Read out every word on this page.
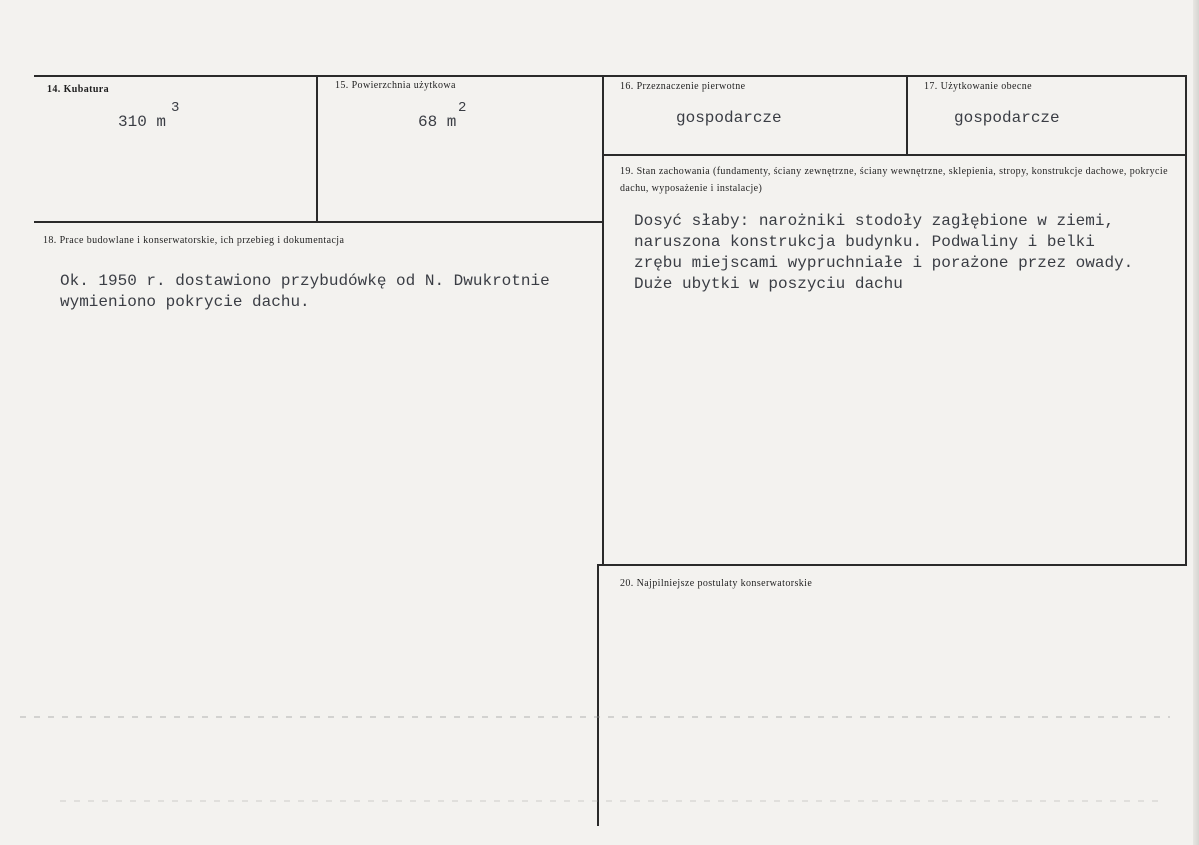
14. Kubatura
310 m
3
15. Powierzchnia użytkowa
68 m
2
16. Przeznaczenie pierwotne
gospodarcze
17. Użytkowanie obecne
gospodarcze
19. Stan zachowania (fundamenty, ściany zewnętrzne, ściany wewnętrzne, sklepienia, stropy, konstrukcje dachowe, pokrycie dachu, wyposażenie i instalacje)
Dosyć słaby: narożniki stodoły zagłębione w ziemi,
naruszona konstrukcja budynku. Podwaliny i belki
zrębu miejscami wypruchniałe i porażone przez owady.
Duże ubytki w poszyciu dachu
18. Prace budowlane i konserwatorskie, ich przebieg i dokumentacja
Ok. 1950 r. dostawiono przybudówkę od N. Dwukrotnie
wymieniono pokrycie dachu.
20. Najpilniejsze postulaty konserwatorskie
